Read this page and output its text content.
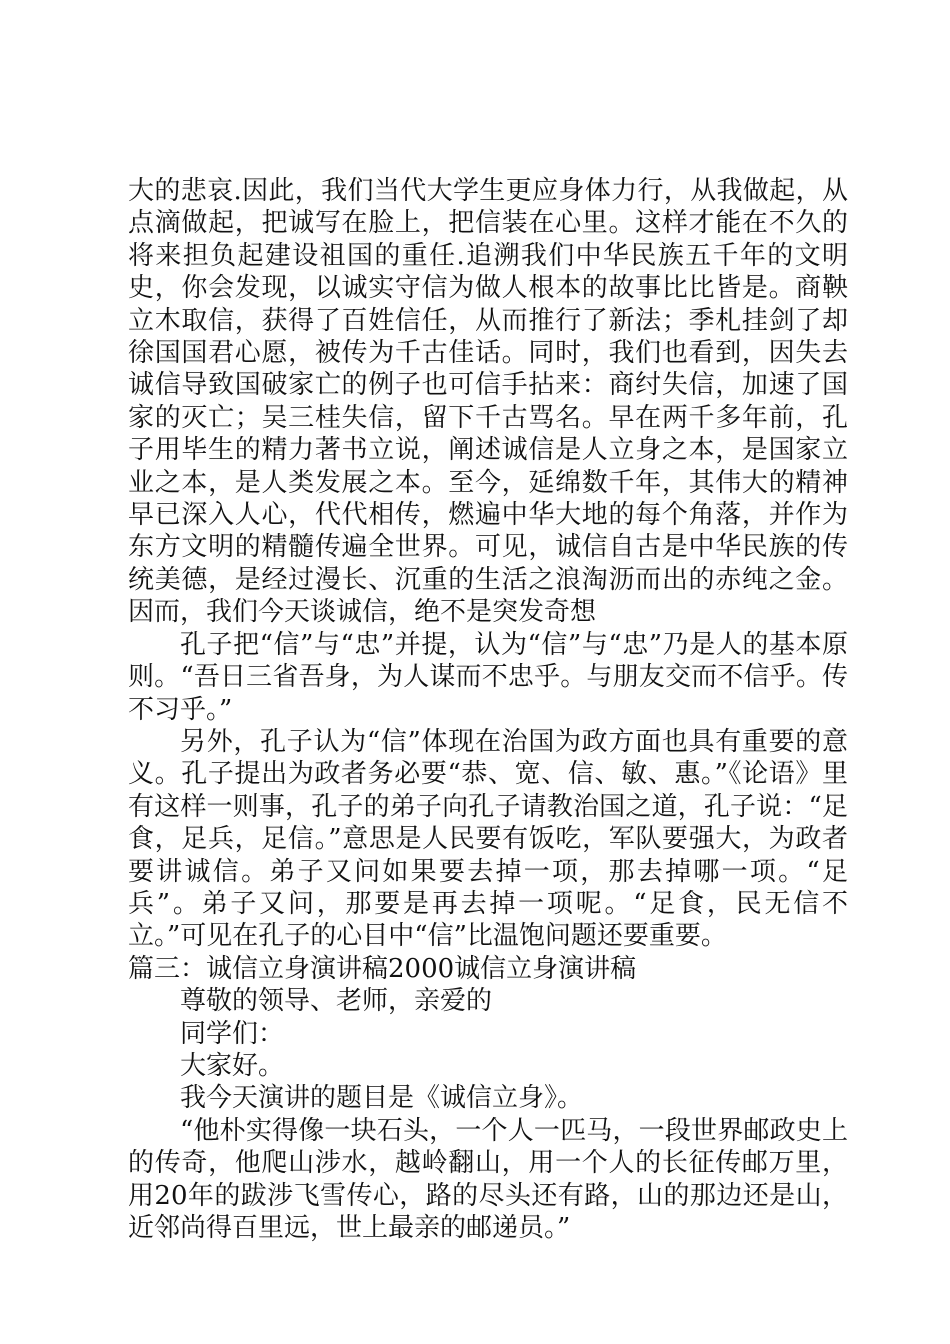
大的悲哀.因此，我们当代大学生更应身体力行，从我做起，从点滴做起，把诚写在脸上，把信装在心里。这样才能在不久的将来担负起建设祖国的重任.追溯我们中华民族五千年的文明史，你会发现，以诚实守信为做人根本的故事比比皆是。商鞅立木取信，获得了百姓信任，从而推行了新法；季札挂剑了却徐国国君心愿，被传为千古佳话。同时，我们也看到，因失去诚信导致国破家亡的例子也可信手拈来：商纣失信，加速了国家的灭亡；吴三桂失信，留下千古骂名。早在两千多年前，孔子用毕生的精力著书立说，阐述诚信是人立身之本，是国家立业之本，是人类发展之本。至今，延绵数千年，其伟大的精神早已深入人心，代代相传，燃遍中华大地的每个角落，并作为东方文明的精髓传遍全世界。可见，诚信自古是中华民族的传统美德，是经过漫长、沉重的生活之浪淘沥而出的赤纯之金。因而，我们今天谈诚信，绝不是突发奇想

孔子把“信”与“忠”并提，认为“信”与“忠”乃是人的基本原则。“吾日三省吾身，为人谋而不忠乎。与朋友交而不信乎。传不习乎。”

另外，孔子认为“信”体现在治国为政方面也具有重要的意义。孔子提出为政者务必要“恭、宽、信、敏、惠。”《论语》里有这样一则事，孔子的弟子向孔子请教治国之道，孔子说：“足食，足兵，足信。”意思是人民要有饭吃，军队要强大，为政者要讲诚信。弟子又问如果要去掉一项，那去掉哪一项。“足兵”。弟子又问，那要是再去掉一项呢。“足食，民无信不立。”可见在孔子的心目中“信”比温饱问题还要重要。

篇三：诚信立身演讲稿2000诚信立身演讲稿

尊敬的领导、老师，亲爱的

同学们：

大家好。

我今天演讲的题目是《诚信立身》。

“他朴实得像一块石头，一个人一匹马，一段世界邮政史上的传奇，他爬山涉水，越岭翻山，用一个人的长征传邮万里，用20年的跋涉飞雪传心，路的尽头还有路，山的那边还是山，近邻尚得百里远，世上最亲的邮递员。”
